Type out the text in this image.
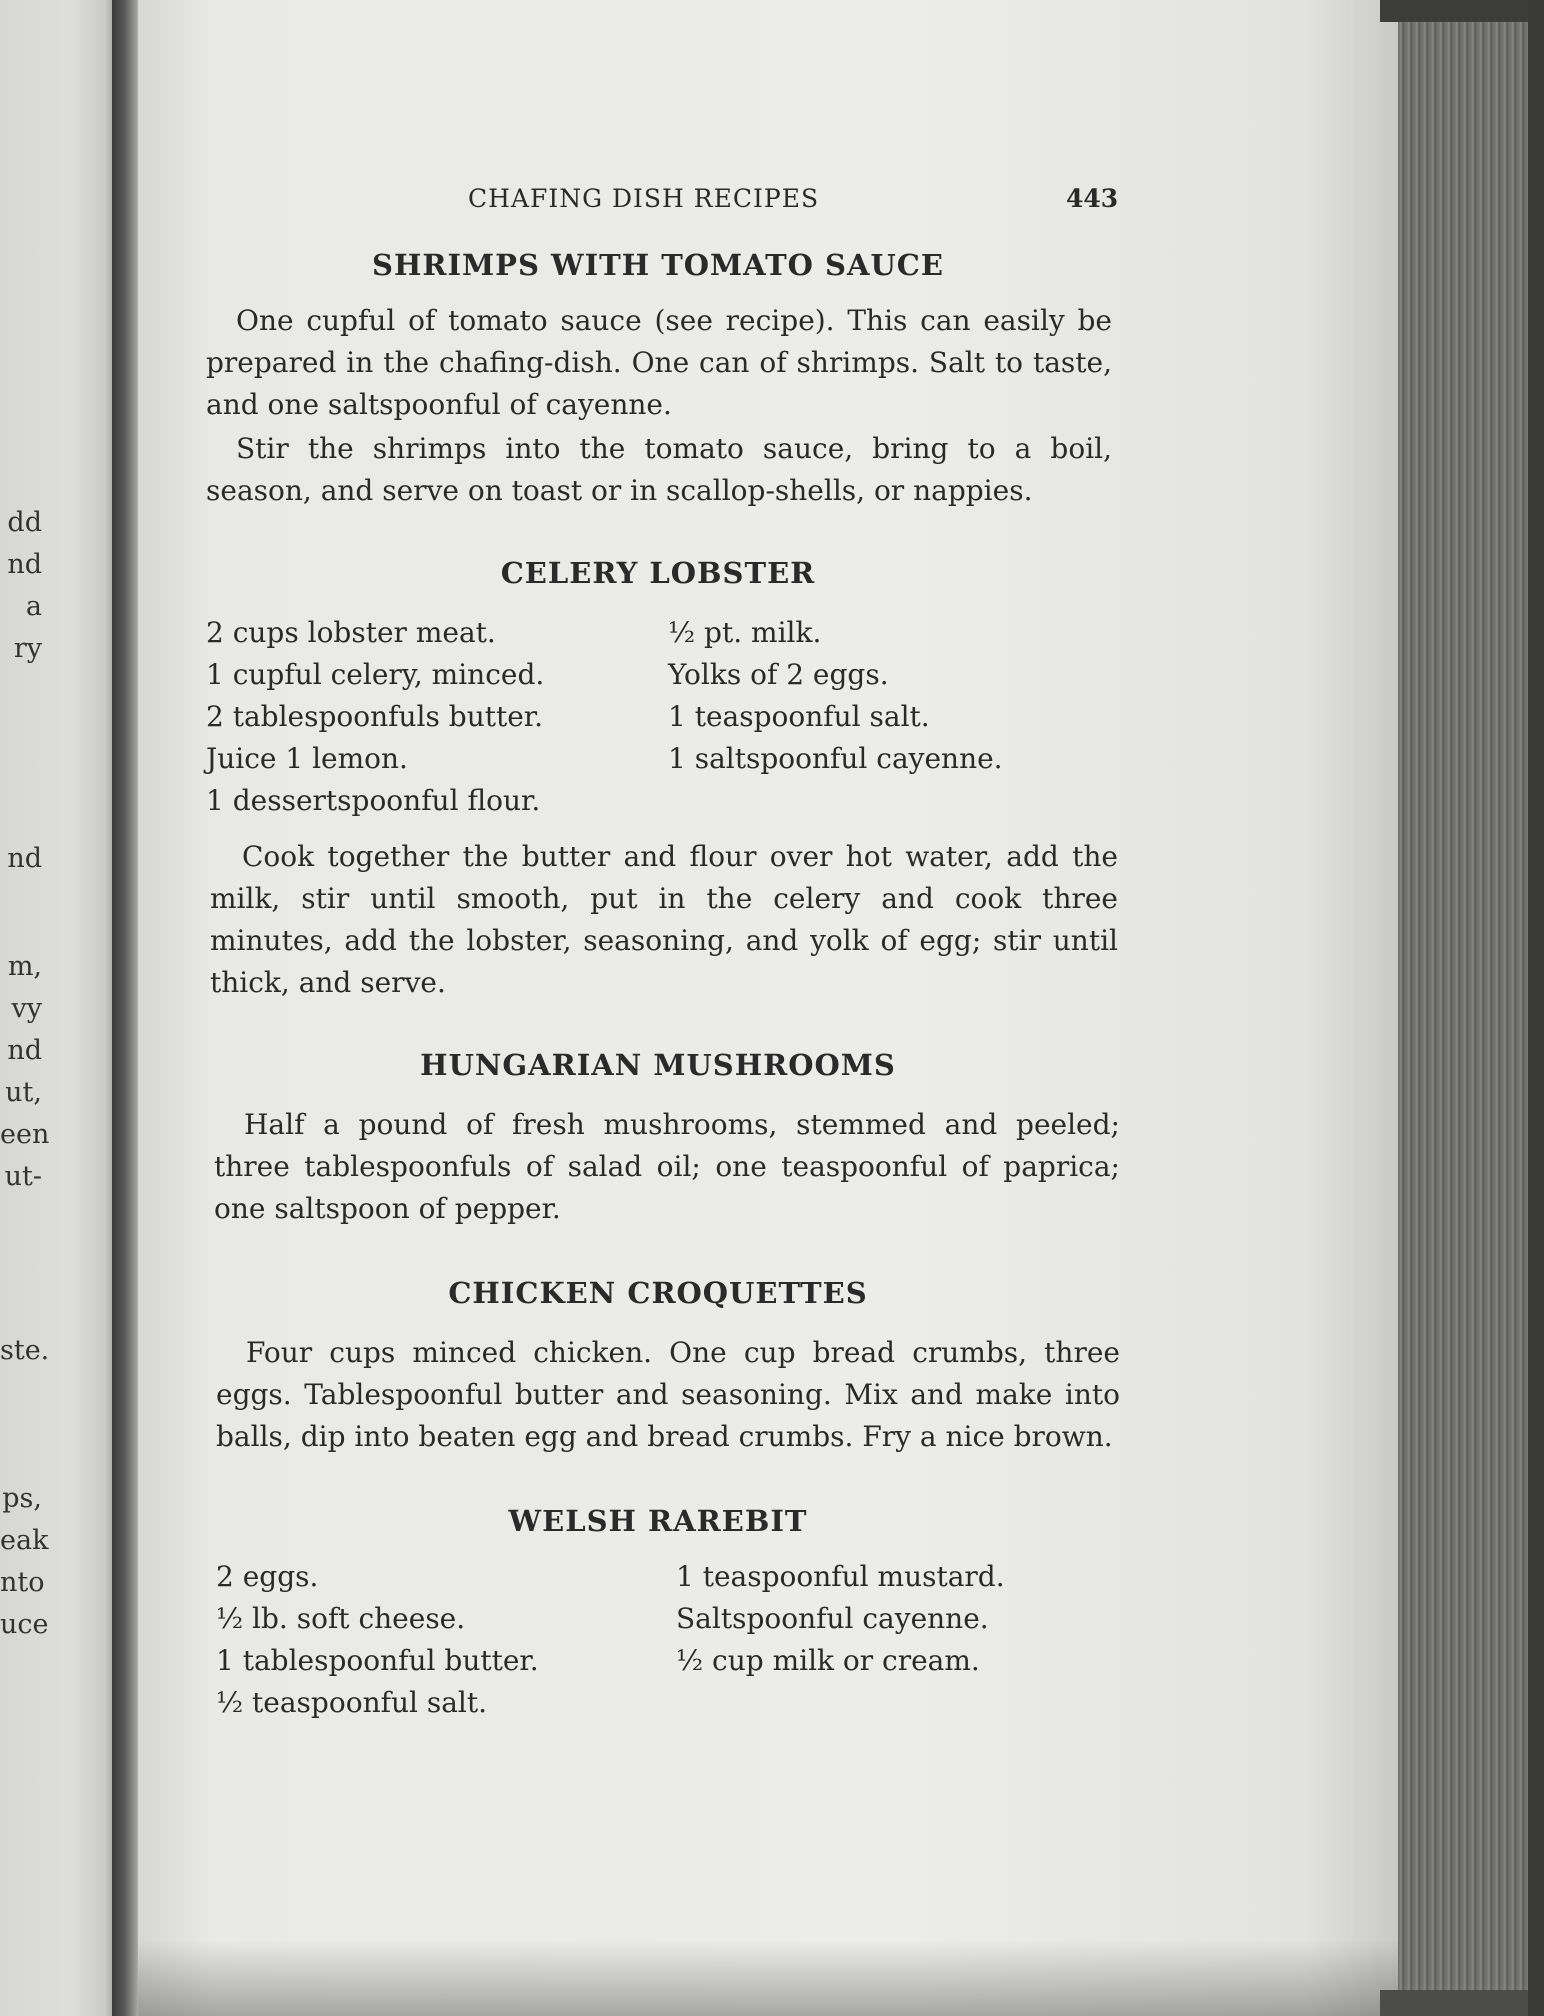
dd
nd
a
ry
nd
m,
vy
nd
ut,
een
ut-
ste.
ps,
eak
nto
uce
CHAFING DISH RECIPES	443
SHRIMPS WITH TOMATO SAUCE
One cupful of tomato sauce (see recipe). This can easily be prepared in the chafing-dish. One can of shrimps. Salt to taste, and one saltspoonful of cayenne.
Stir the shrimps into the tomato sauce, bring to a boil, season, and serve on toast or in scallop-shells, or nappies.
CELERY LOBSTER
2 cups lobster meat.
1 cupful celery, minced.
2 tablespoonfuls butter.
Juice 1 lemon.
1 dessertspoonful flour.
½ pt. milk.
Yolks of 2 eggs.
1 teaspoonful salt.
1 saltspoonful cayenne.
Cook together the butter and flour over hot water, add the milk, stir until smooth, put in the celery and cook three minutes, add the lobster, seasoning, and yolk of egg; stir until thick, and serve.
HUNGARIAN MUSHROOMS
Half a pound of fresh mushrooms, stemmed and peeled; three tablespoonfuls of salad oil; one teaspoonful of paprica; one saltspoon of pepper.
CHICKEN CROQUETTES
Four cups minced chicken. One cup bread crumbs, three eggs. Tablespoonful butter and seasoning. Mix and make into balls, dip into beaten egg and bread crumbs. Fry a nice brown.
WELSH RAREBIT
2 eggs.
½ lb. soft cheese.
1 tablespoonful butter.
½ teaspoonful salt.
1 teaspoonful mustard.
Saltspoonful cayenne.
½ cup milk or cream.
